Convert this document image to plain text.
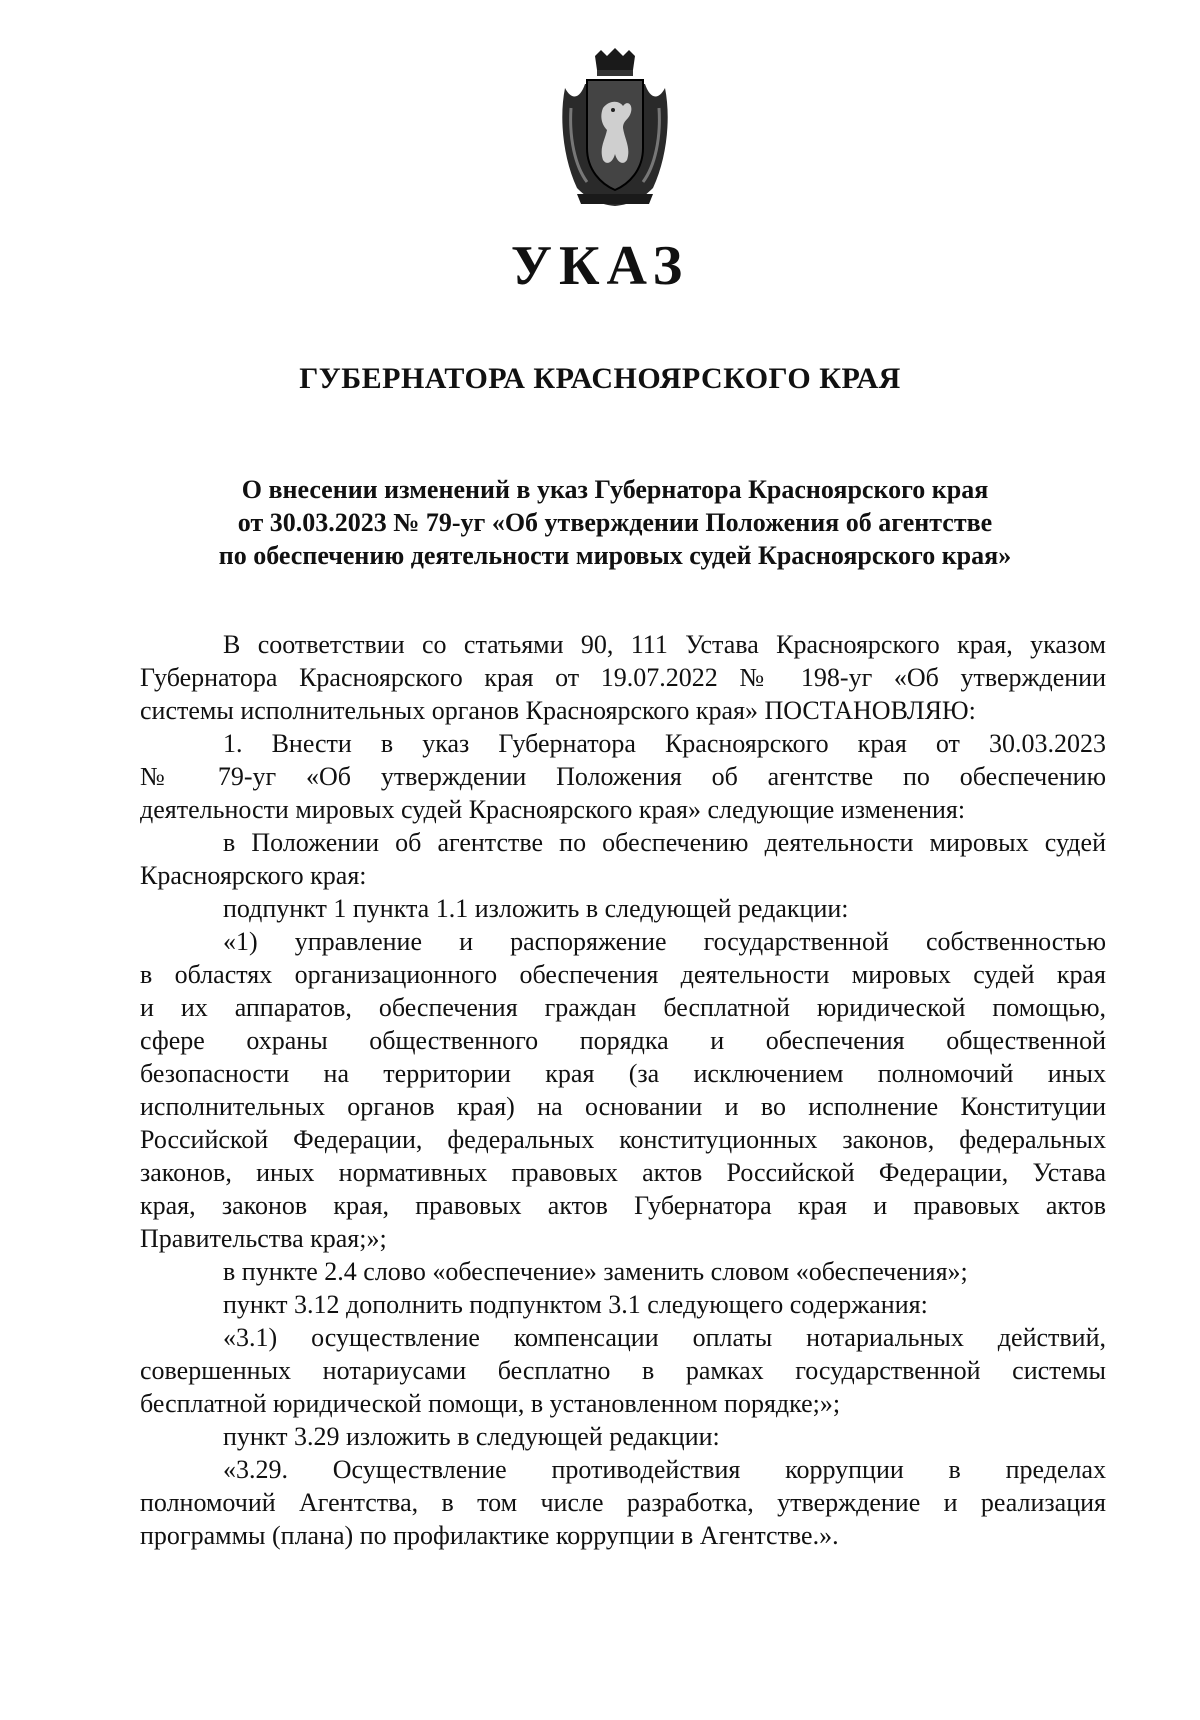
УКАЗ
ГУБЕРНАТОРА КРАСНОЯРСКОГО КРАЯ
О внесении изменений в указ Губернатора Красноярского края
от 30.03.2023 № 79-уг «Об утверждении Положения об агентстве
по обеспечению деятельности мировых судей Красноярского края»
В соответствии со статьями 90, 111 Устава Красноярского края, указом
Губернатора Красноярского края от 19.07.2022 № 198-уг «Об утверждении
системы исполнительных органов Красноярского края» ПОСТАНОВЛЯЮ:
1. Внести в указ Губернатора Красноярского края от 30.03.2023
№ 79-уг «Об утверждении Положения об агентстве по обеспечению
деятельности мировых судей Красноярского края» следующие изменения:
в Положении об агентстве по обеспечению деятельности мировых судей
Красноярского края:
подпункт 1 пункта 1.1 изложить в следующей редакции:
«1) управление и распоряжение государственной собственностью
в областях организационного обеспечения деятельности мировых судей края
и их аппаратов, обеспечения граждан бесплатной юридической помощью,
сфере охраны общественного порядка и обеспечения общественной
безопасности на территории края (за исключением полномочий иных
исполнительных органов края) на основании и во исполнение Конституции
Российской Федерации, федеральных конституционных законов, федеральных
законов, иных нормативных правовых актов Российской Федерации, Устава
края, законов края, правовых актов Губернатора края и правовых актов
Правительства края;»;
в пункте 2.4 слово «обеспечение» заменить словом «обеспечения»;
пункт 3.12 дополнить подпунктом 3.1 следующего содержания:
«3.1) осуществление компенсации оплаты нотариальных действий,
совершенных нотариусами бесплатно в рамках государственной системы
бесплатной юридической помощи, в установленном порядке;»;
пункт 3.29 изложить в следующей редакции:
«3.29. Осуществление противодействия коррупции в пределах
полномочий Агентства, в том числе разработка, утверждение и реализация
программы (плана) по профилактике коррупции в Агентстве.».
